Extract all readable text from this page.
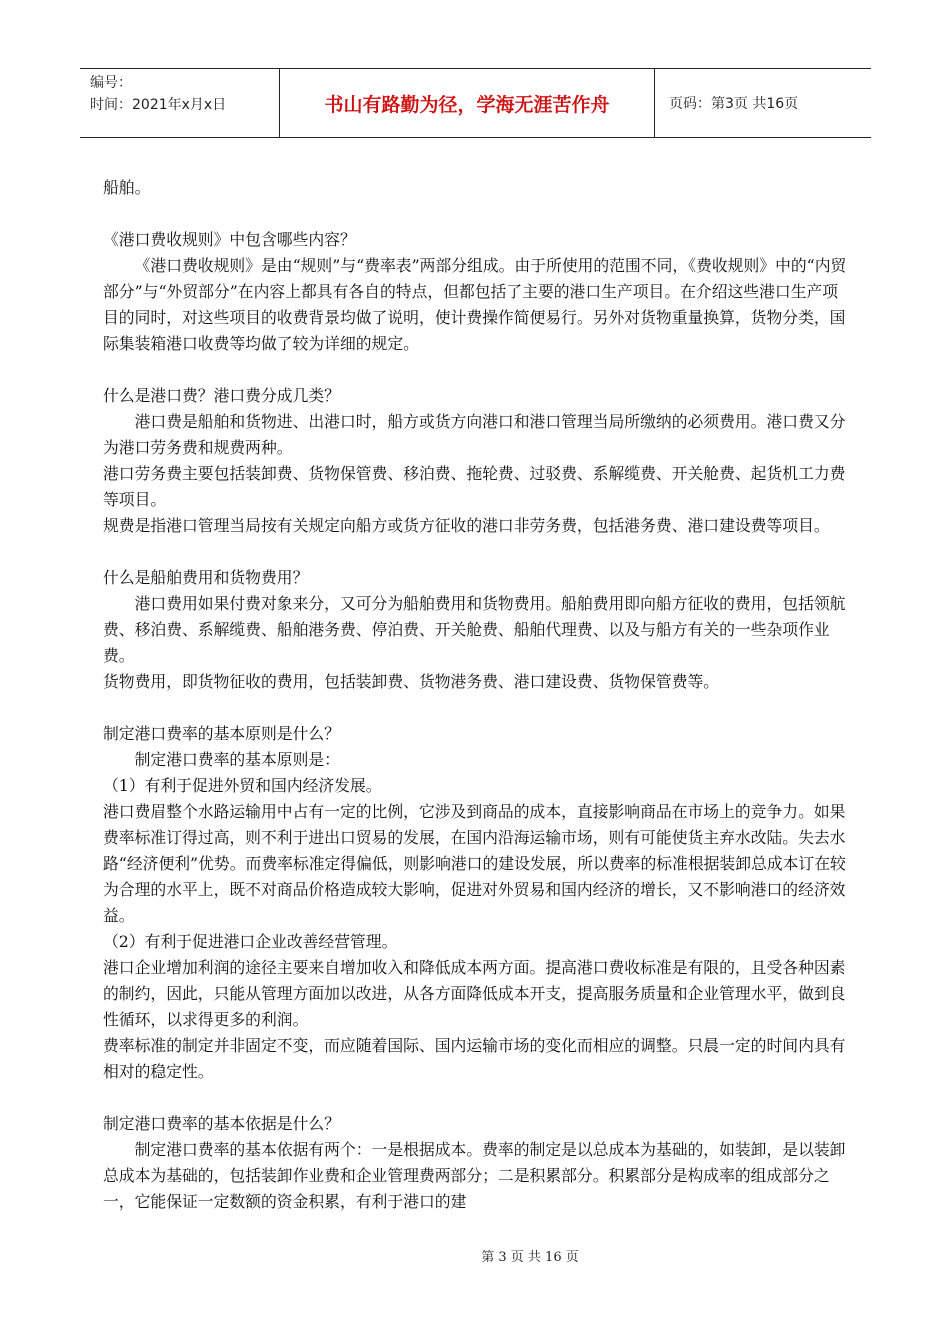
编号：
时间：2021年x月x日	书山有路勤为径，学海无涯苦作舟	页码：第3页 共16页

船舶。

《港口费收规则》中包含哪些内容？

《港口费收规则》是由“规则”与“费率表”两部分组成。由于所使用的范围不同，《费收规则》中的“内贸部分”与“外贸部分”在内容上都具有各自的特点，但都包括了主要的港口生产项目。在介绍这些港口生产项目的同时，对这些项目的收费背景均做了说明，使计费操作简便易行。另外对货物重量换算，货物分类，国际集装箱港口收费等均做了较为详细的规定。

什么是港口费？港口费分成几类？

港口费是船舶和货物进、出港口时，船方或货方向港口和港口管理当局所缴纳的必须费用。港口费又分为港口劳务费和规费两种。

港口劳务费主要包括装卸费、货物保管费、移泊费、拖轮费、过驳费、系解缆费、开关舱费、起货机工力费等项目。

规费是指港口管理当局按有关规定向船方或货方征收的港口非劳务费，包括港务费、港口建设费等项目。

什么是船舶费用和货物费用？

港口费用如果付费对象来分，又可分为船舶费用和货物费用。船舶费用即向船方征收的费用，包括领航费、移泊费、系解缆费、船舶港务费、停泊费、开关舱费、船舶代理费、以及与船方有关的一些杂项作业费。

货物费用，即货物征收的费用，包括装卸费、货物港务费、港口建设费、货物保管费等。

制定港口费率的基本原则是什么？

制定港口费率的基本原则是：

（1）有利于促进外贸和国内经济发展。

港口费眉整个水路运输用中占有一定的比例，它涉及到商品的成本，直接影响商品在市场上的竞争力。如果费率标准订得过高，则不利于进出口贸易的发展，在国内沿海运输市场，则有可能使货主弃水改陆。失去水路“经济便利”优势。而费率标准定得偏低，则影响港口的建设发展，所以费率的标准根据装卸总成本订在较为合理的水平上，既不对商品价格造成较大影响，促进对外贸易和国内经济的增长，又不影响港口的经济效益。

（2）有利于促进港口企业改善经营管理。

港口企业增加利润的途径主要来自增加收入和降低成本两方面。提高港口费收标准是有限的，且受各种因素的制约，因此，只能从管理方面加以改进，从各方面降低成本开支，提高服务质量和企业管理水平，做到良性循环，以求得更多的利润。

费率标准的制定并非固定不变，而应随着国际、国内运输市场的变化而相应的调整。只晨一定的时间内具有相对的稳定性。

制定港口费率的基本依据是什么？

制定港口费率的基本依据有两个：一是根据成本。费率的制定是以总成本为基础的，如装卸，是以装卸总成本为基础的，包括装卸作业费和企业管理费两部分；二是积累部分。积累部分是构成率的组成部分之一，它能保证一定数额的资金积累，有利于港口的建

第 3 页 共 16 页
